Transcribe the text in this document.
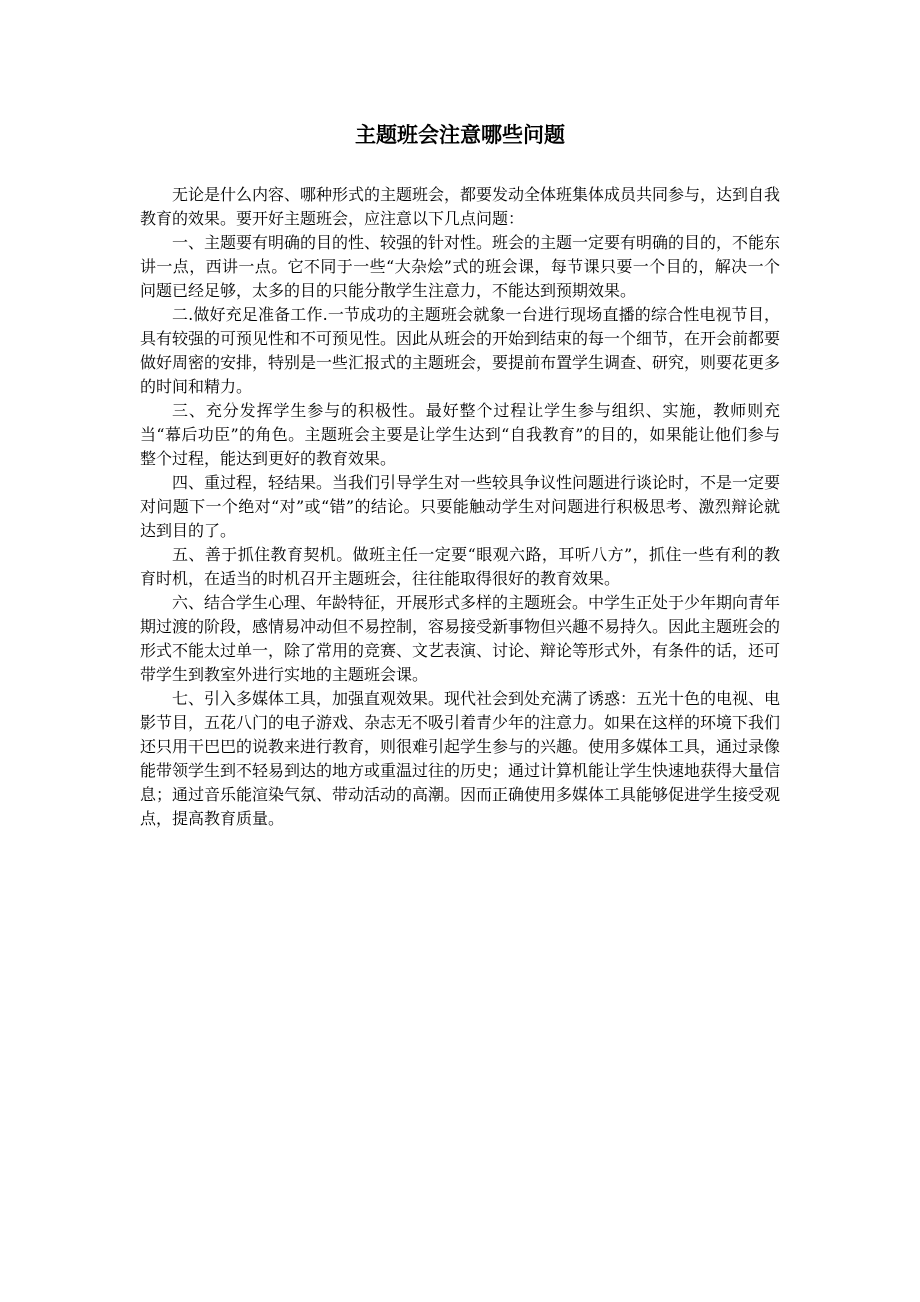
主题班会注意哪些问题

无论是什么内容、哪种形式的主题班会，都要发动全体班集体成员共同参与，达到自我教育的效果。要开好主题班会，应注意以下几点问题：

一、主题要有明确的目的性、较强的针对性。班会的主题一定要有明确的目的，不能东讲一点，西讲一点。它不同于一些“大杂烩”式的班会课，每节课只要一个目的，解决一个问题已经足够，太多的目的只能分散学生注意力，不能达到预期效果。

二.做好充足准备工作.一节成功的主题班会就象一台进行现场直播的综合性电视节目，具有较强的可预见性和不可预见性。因此从班会的开始到结束的每一个细节，在开会前都要做好周密的安排，特别是一些汇报式的主题班会，要提前布置学生调查、研究，则要花更多的时间和精力。

三、充分发挥学生参与的积极性。最好整个过程让学生参与组织、实施，教师则充当“幕后功臣”的角色。主题班会主要是让学生达到“自我教育”的目的，如果能让他们参与整个过程，能达到更好的教育效果。

四、重过程，轻结果。当我们引导学生对一些较具争议性问题进行谈论时，不是一定要对问题下一个绝对“对”或“错”的结论。只要能触动学生对问题进行积极思考、激烈辩论就达到目的了。

五、善于抓住教育契机。做班主任一定要“眼观六路，耳听八方”，抓住一些有利的教育时机，在适当的时机召开主题班会，往往能取得很好的教育效果。

六、结合学生心理、年龄特征，开展形式多样的主题班会。中学生正处于少年期向青年期过渡的阶段，感情易冲动但不易控制，容易接受新事物但兴趣不易持久。因此主题班会的形式不能太过单一，除了常用的竞赛、文艺表演、讨论、辩论等形式外，有条件的话，还可带学生到教室外进行实地的主题班会课。

七、引入多媒体工具，加强直观效果。现代社会到处充满了诱惑：五光十色的电视、电影节目，五花八门的电子游戏、杂志无不吸引着青少年的注意力。如果在这样的环境下我们还只用干巴巴的说教来进行教育，则很难引起学生参与的兴趣。使用多媒体工具，通过录像能带领学生到不轻易到达的地方或重温过往的历史；通过计算机能让学生快速地获得大量信息；通过音乐能渲染气氛、带动活动的高潮。因而正确使用多媒体工具能够促进学生接受观点，提高教育质量。
